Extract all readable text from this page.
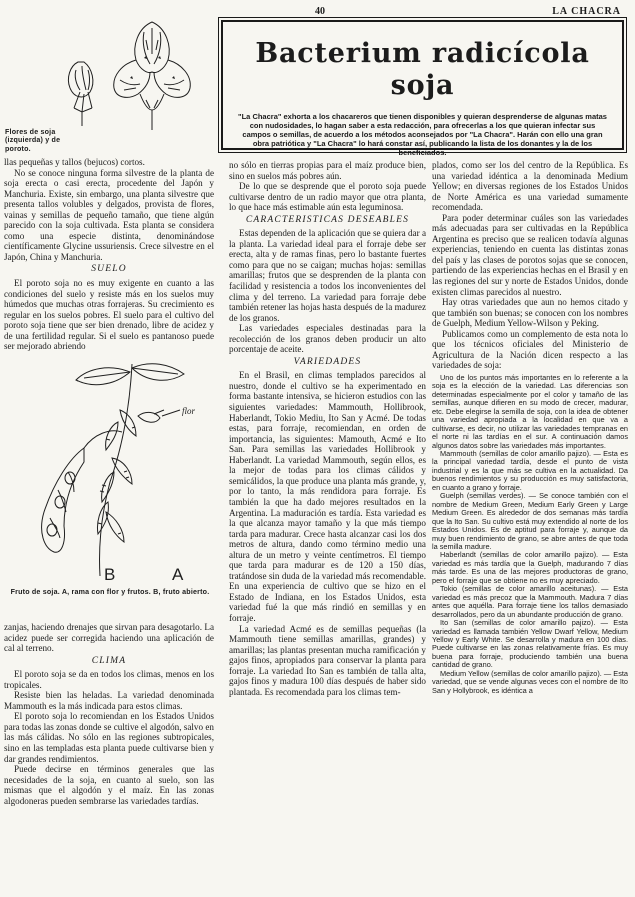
40	LA CHACRA
Flores de soja (izquierda) y de poroto.
Bacterium radicícola soja
"La Chacra" exhorta a los chacareros que tienen disponibles y quieran desprenderse de algunas matas con nudosidades, lo hagan saber a esta redacción, para ofrecerlas a los que quieran infectar sus campos o semillas, de acuerdo a los métodos aconsejados por "La Chacra". Harán con ello una gran obra patriótica y "La Chacra" lo hará constar así, publicando la lista de los donantes y la de los beneficiados.

llas pequeñas y tallos (bejucos) cortos.

No se conoce ninguna forma silvestre de la planta de soja erecta o casi erecta, procedente del Japón y Manchuria. Existe, sin embargo, una planta silvestre que presenta tallos volubles y delgados, provista de flores, vainas y semillas de pequeño tamaño, que tiene algún parecido con la soja cultivada. Esta planta se considera como una especie distinta, denominándose científicamente Glycine ussuriensis. Crece silvestre en el Japón, China y Manchuria.

SUELO

El poroto soja no es muy exigente en cuanto a las condiciones del suelo y resiste más en los suelos muy húmedos que muchas otras forrajeras. Su crecimiento es regular en los suelos pobres. El suelo para el cultivo del poroto soja tiene que ser bien drenado, libre de acidez y de una fertilidad regular. Si el suelo es pantanoso puede ser mejorado abriendo

flor
B	A
Fruto de soja. A, rama con flor y frutos. B, fruto abierto.

zanjas, haciendo drenajes que sirvan para desagotarlo. La acidez puede ser corregida haciendo una aplicación de cal al terreno.

CLIMA

El poroto soja se da en todos los climas, menos en los tropicales.

Resiste bien las heladas. La variedad denominada Mammouth es la más indicada para estos climas.

El poroto soja lo recomiendan en los Estados Unidos para todas las zonas donde se cultive el algodón, salvo en las más cálidas. No sólo en las regiones subtropicales, sino en las templadas esta planta puede cultivarse bien y dar grandes rendimientos.

Puede decirse en términos generales que las necesidades de la soja, en cuanto al suelo, son las mismas que el algodón y el maíz. En las zonas algodoneras pueden sembrarse las variedades tardías.

no sólo en tierras propias para el maíz produce bien, sino en suelos más pobres aún.

De lo que se desprende que el poroto soja puede cultivarse dentro de un radio mayor que otra planta, lo que hace más estimable aún esta leguminosa.

CARACTERISTICAS DESEABLES

Estas dependen de la aplicación que se quiera dar a la planta. La variedad ideal para el forraje debe ser erecta, alta y de ramas finas, pero lo bastante fuertes como para que no se caigan; muchas hojas: semillas amarillas; frutos que se desprenden de la planta con facilidad y resistencia a todos los inconvenientes del clima y del terreno. La variedad para forraje debe también retener las hojas hasta después de la madurez de los granos.

Las variedades especiales destinadas para la recolección de los granos deben producir un alto porcentaje de aceite.

VARIEDADES

En el Brasil, en climas templados parecidos al nuestro, donde el cultivo se ha experimentado en forma bastante intensiva, se hicieron estudios con las siguientes variedades: Mammouth, Hollibrook, Haberlandt, Tokio Mediu, Ito San y Acmé. De todas estas, para forraje, recomiendan, en orden de importancia, las siguientes: Mamouth, Acmé e Ito San. Para semillas las variedades Hollibrook y Haberlandt. La variedad Mammouth, según ellos, es la mejor de todas para los climas cálidos y semicálidos, la que produce una planta más grande, y, por lo tanto, la más rendidora para forraje. Es también la que ha dado mejores resultados en la Argentina. La maduración es tardía. Esta variedad es la que alcanza mayor tamaño y la que más tiempo tarda para madurar. Crece hasta alcanzar casi los dos metros de altura, dando como término medio una altura de un metro y veinte centímetros. El tiempo que tarda para madurar es de 120 a 150 días, tratándose sin duda de la variedad más recomendable. En una experiencia de cultivo que se hizo en el Estado de Indiana, en los Estados Unidos, esta variedad fué la que más rindió en semillas y en forraje.

La variedad Acmé es de semillas pequeñas (la Mammouth tiene semillas amarillas, grandes) y amarillas; las plantas presentan mucha ramificación y gajos finos, apropiados para conservar la planta para forraje. La variedad Ito San es también de talla alta, gajos finos y madura 100 días después de haber sido plantada. Es recomendada para los climas tem-

plados, como ser los del centro de la República. Es una variedad idéntica a la denominada Medium Yellow; en diversas regiones de los Estados Unidos de Norte América es una variedad sumamente recomendada.

Para poder determinar cuáles son las variedades más adecuadas para ser cultivadas en la República Argentina es preciso que se realicen todavía algunas experiencias, teniendo en cuenta las distintas zonas del país y las clases de porotos sojas que se conocen, partiendo de las experiencias hechas en el Brasil y en las regiones del sur y norte de Estados Unidos, donde existen climas parecidos al nuestro.

Hay otras variedades que aun no hemos citado y que también son buenas; se conocen con los nombres de Guelph, Medium Yellow-Wilson y Peking.

Publicamos como un complemento de esta nota lo que los técnicos oficiales del Ministerio de Agricultura de la Nación dicen respecto a las variedades de soja:

Uno de los puntos más importantes en lo referente a la soja es la elección de la variedad. Las diferencias son determinadas especialmente por el color y tamaño de las semillas, aunque difieren en su modo de crecer, madurar, etc. Debe elegirse la semilla de soja, con la idea de obtener una variedad apropiada a la localidad en que va a cultivarse, es decir, no utilizar las variedades tempranas en el norte ni las tardías en el sur. A continuación damos algunos datos sobre las variedades más importantes.

Mammouth (semillas de color amarillo pajizo). — Esta es la principal variedad tardía, desde el punto de vista industrial y es la que más se cultiva en la actualidad. Da buenos rendimientos y su producción es muy satisfactoria, en cuanto a grano y forraje.

Guelph (semillas verdes). — Se conoce también con el nombre de Medium Green, Medium Early Green y Large Medium Green. Es alrededor de dos semanas más tardía que la Ito San. Su cultivo está muy extendido al norte de los Estados Unidos. Es de aptitud para forraje y, aunque da muy buen rendimiento de grano, se abre antes de que toda la semilla madure.

Haberlandt (semillas de color amarillo pajizo). — Esta variedad es más tardía que la Guelph, madurando 7 días más tarde. Es una de las mejores productoras de grano, pero el forraje que se obtiene no es muy apreciado.

Tokio (semillas de color amarillo aceitunas). — Esta variedad es más precoz que la Mammouth. Madura 7 días antes que aquélla. Para forraje tiene los tallos demasiado desarrollados, pero da un abundante producción de grano.

Ito San (semillas de color amarillo pajizo). — Esta variedad es llamada también Yellow Dwarf Yellow, Medium Yellow y Early White. Se desarrolla y madura en 100 días. Puede cultivarse en las zonas relativamente frías. Es muy buena para forraje, produciendo también una buena cantidad de grano.

Medium Yellow (semillas de color amarillo pajizo). — Esta variedad, que se vende algunas veces con el nombre de Ito San y Hollybrook, es idéntica a
